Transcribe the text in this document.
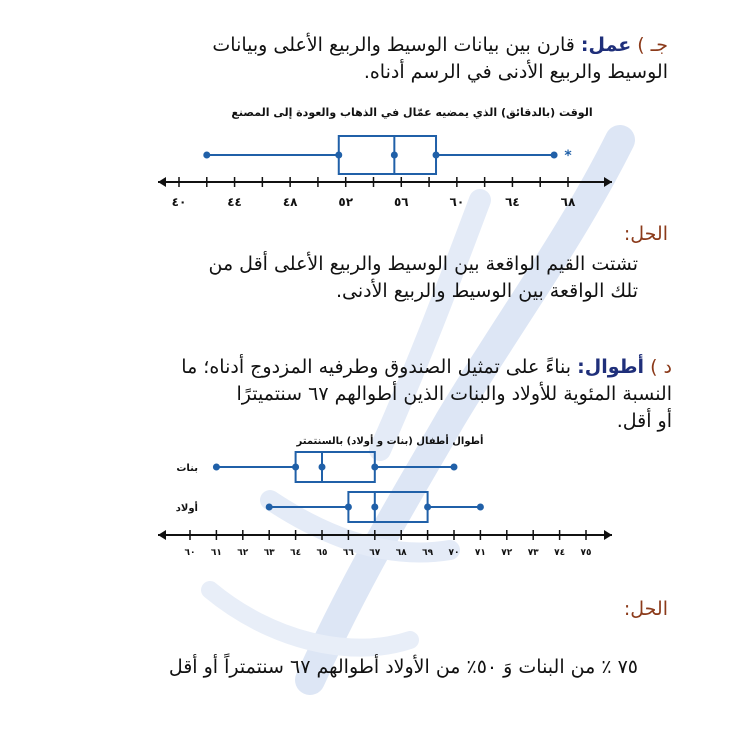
جـ ) عمل: قارن بين بيانات الوسيط والربيع الأعلى وبيانات
الوسيط والربيع الأدنى في الرسم أدناه.
الوقت (بالدقائق) الذي يمضيه عمّال في الذهاب والعودة إلى المصنع
٤٠	٤٤	٤٨	٥٢	٥٦	٦٠	٦٤	٦٨
*
الحل:
تشتت القيم الواقعة بين الوسيط والربيع الأعلى أقل من
تلك الواقعة بين الوسيط والربيع الأدنى.
د ) أطوال: بناءً على تمثيل الصندوق وطرفيه المزدوج أدناه؛ ما
النسبة المئوية للأولاد والبنات الذين أطوالهم ٦٧ سنتميترًا
أو أقل.
أطوال أطفال (بنات و أولاد) بالسنتمتر
٦٠ ٦١ ٦٢ ٦٣ ٦٤ ٦٥ ٦٦ ٦٧ ٦٨ ٦٩ ٧٠ ٧١ ٧٢ ٧٣ ٧٤ ٧٥
بنات
أولاد
الحل:
٧٥ ٪ من البنات وَ ٥٠٪ من الأولاد أطوالهم ٦٧ سنتمتراً أو أقل
